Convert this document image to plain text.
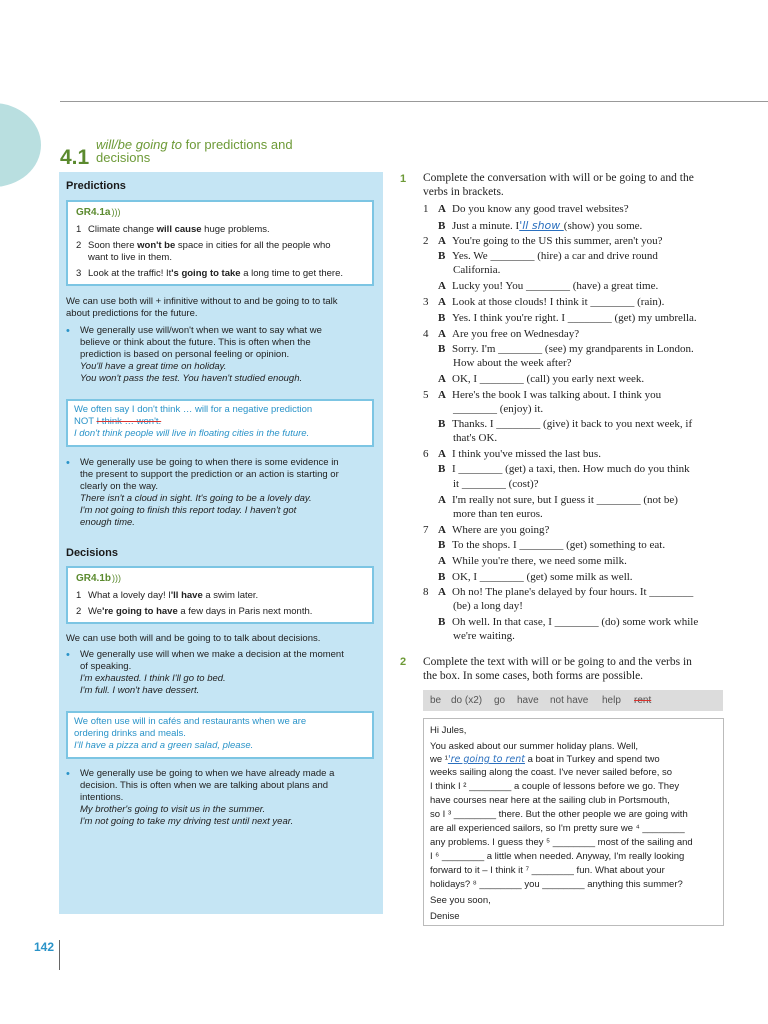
4.1
will/be going to for predictions and
decisions
Predictions
GR4.1a)))
1 Climate change will cause huge problems.
2 Soon there won't be space in cities for all the people who
want to live in them.
3 Look at the traffic! It's going to take a long time to get there.
We can use both will + infinitive without to and be going to to talk
about predictions for the future.
• We generally use will/won't when we want to say what we
believe or think about the future. This is often when the
prediction is based on personal feeling or opinion.
You'll have a great time on holiday.
You won't pass the test. You haven't studied enough.
We often say I don't think … will for a negative prediction
NOT I think … won't.
I don't think people will live in floating cities in the future.
• We generally use be going to when there is some evidence in
the present to support the prediction or an action is starting or
clearly on the way.
There isn't a cloud in sight. It's going to be a lovely day.
I'm not going to finish this report today. I haven't got
enough time.
Decisions
GR4.1b)))
1 What a lovely day! I'll have a swim later.
2 We're going to have a few days in Paris next month.
We can use both will and be going to to talk about decisions.
• We generally use will when we make a decision at the moment
of speaking.
I'm exhausted. I think I'll go to bed.
I'm full. I won't have dessert.
We often use will in cafés and restaurants when we are
ordering drinks and meals.
I'll have a pizza and a green salad, please.
• We generally use be going to when we have already made a
decision. This is often when we are talking about plans and
intentions.
My brother's going to visit us in the summer.
I'm not going to take my driving test until next year.
142
1 Complete the conversation with will or be going to and the
verbs in brackets.
1 A Do you know any good travel websites?
B Just a minute. I'll show (show) you some.
2 A You're going to the US this summer, aren't you?
B Yes. We ________ (hire) a car and drive round
California.
A Lucky you! You ________ (have) a great time.
3 A Look at those clouds! I think it ________ (rain).
B Yes. I think you're right. I ________ (get) my umbrella.
4 A Are you free on Wednesday?
B Sorry. I'm ________ (see) my grandparents in London.
How about the week after?
A OK, I ________ (call) you early next week.
5 A Here's the book I was talking about. I think you
________ (enjoy) it.
B Thanks. I ________ (give) it back to you next week, if
that's OK.
6 A I think you've missed the last bus.
B I ________ (get) a taxi, then. How much do you think
it ________ (cost)?
A I'm really not sure, but I guess it ________ (not be)
more than ten euros.
7 A Where are you going?
B To the shops. I ________ (get) something to eat.
A While you're there, we need some milk.
B OK, I ________ (get) some milk as well.
8 A Oh no! The plane's delayed by four hours. It ________
(be) a long day!
B Oh well. In that case, I ________ (do) some work while
we're waiting.
2 Complete the text with will or be going to and the verbs in
the box. In some cases, both forms are possible.
be do (x2) go have not have help rent
Hi Jules,
You asked about our summer holiday plans. Well,
we ¹'re going to rent a boat in Turkey and spend two
weeks sailing along the coast. I've never sailed before, so
I think I ² ________ a couple of lessons before we go. They
have courses near here at the sailing club in Portsmouth,
so I ³ ________ there. But the other people we are going with
are all experienced sailors, so I'm pretty sure we ⁴ ________
any problems. I guess they ⁵ ________ most of the sailing and
I ⁶ ________ a little when needed. Anyway, I'm really looking
forward to it – I think it ⁷ ________ fun. What about your
holidays? ⁸ ________ you ________ anything this summer?
See you soon,
Denise
